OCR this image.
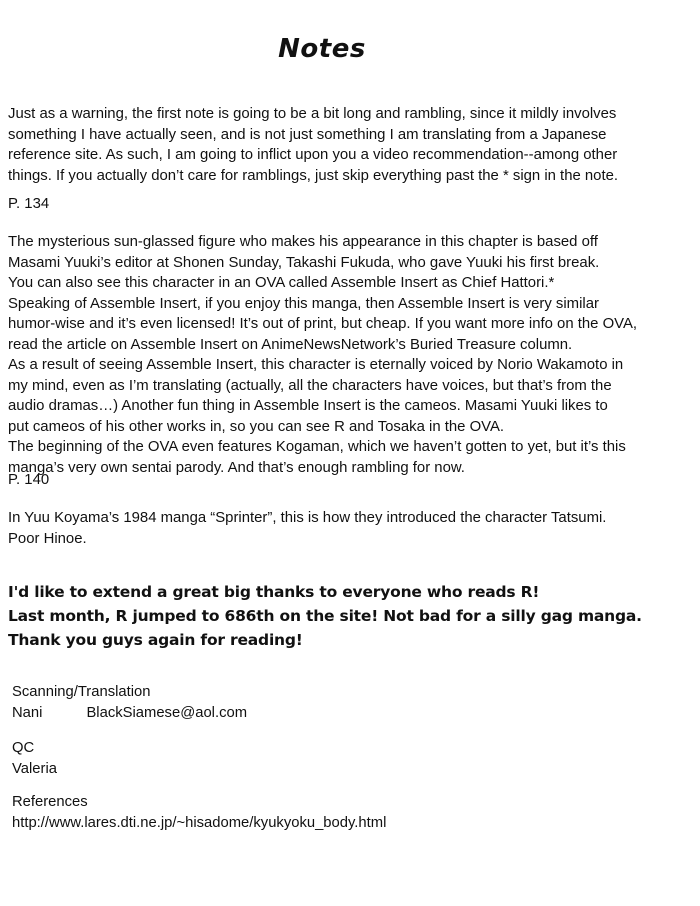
Notes
Just as a warning, the first note is going to be a bit long and rambling, since it mildly involves
something I have actually seen, and is not just something I am translating from a Japanese
reference site. As such, I am going to inflict upon you a video recommendation--among other
things. If you actually don’t care for ramblings, just skip everything past the * sign in the note.
P. 134
The mysterious sun-glassed figure who makes his appearance in this chapter is based off
Masami Yuuki’s editor at Shonen Sunday, Takashi Fukuda, who gave Yuuki his first break.
You can also see this character in an OVA called Assemble Insert as Chief Hattori.*
Speaking of Assemble Insert, if you enjoy this manga, then Assemble Insert is very similar
humor-wise and it’s even licensed! It’s out of print, but cheap. If you want more info on the OVA,
read the article on Assemble Insert on AnimeNewsNetwork’s Buried Treasure column.
As a result of seeing Assemble Insert, this character is eternally voiced by Norio Wakamoto in
my mind, even as I’m translating (actually, all the characters have voices, but that’s from the
audio dramas…) Another fun thing in Assemble Insert is the cameos. Masami Yuuki likes to
put cameos of his other works in, so you can see R and Tosaka in the OVA.
The beginning of the OVA even features Kogaman, which we haven’t gotten to yet, but it’s this
manga’s very own sentai parody. And that’s enough rambling for now.
P. 140
In Yuu Koyama’s 1984 manga “Sprinter”, this is how they introduced the character Tatsumi.
Poor Hinoe.
I'd like to extend a great big thanks to everyone who reads R!
Last month, R jumped to 686th on the site! Not bad for a silly gag manga.
Thank you guys again for reading!
Scanning/Translation
Nani	BlackSiamese@aol.com
QC
Valeria
References
http://www.lares.dti.ne.jp/~hisadome/kyukyoku_body.html
